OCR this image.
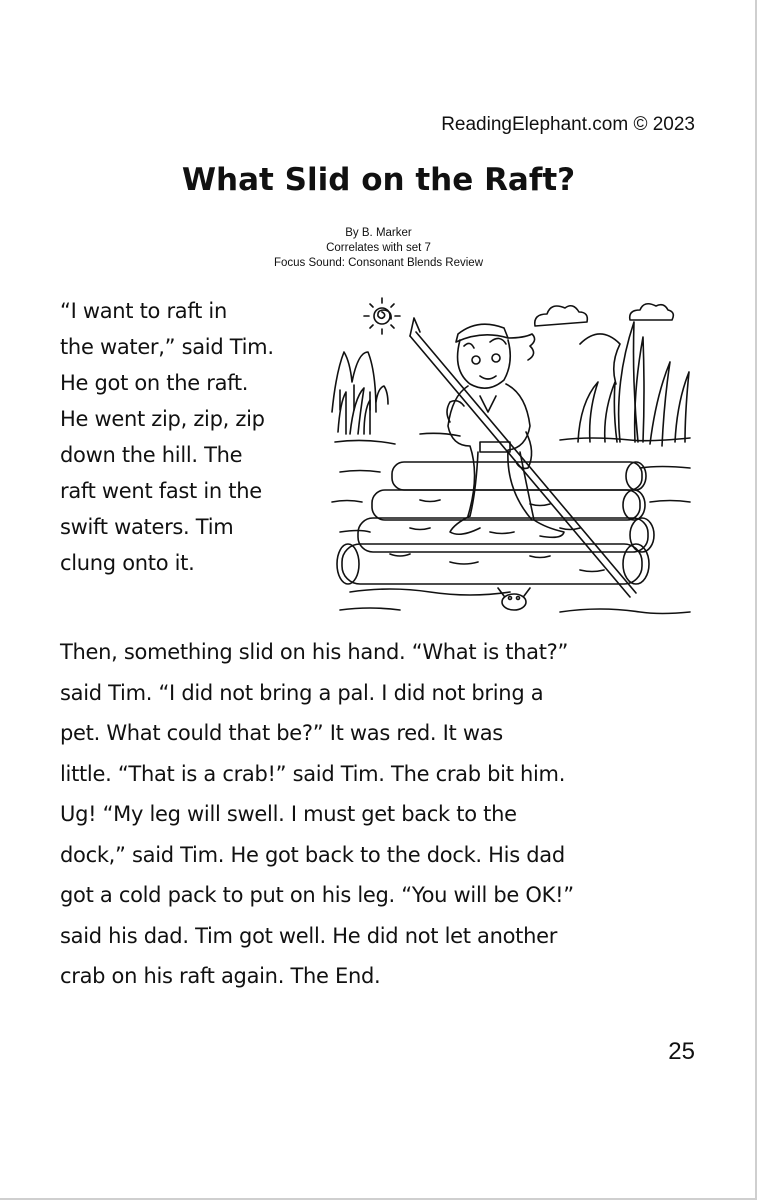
ReadingElephant.com © 2023
What Slid on the Raft?
By B. Marker
Correlates with set 7
Focus Sound: Consonant Blends Review
“I want to raft in
the water,” said Tim.
He got on the raft.
He went zip, zip, zip
down the hill. The
raft went fast in the
swift waters. Tim
clung onto it.
Then, something slid on his hand. “What is that?”
said Tim. “I did not bring a pal. I did not bring a
pet. What could that be?” It was red. It was
little. “That is a crab!” said Tim. The crab bit him.
Ug! “My leg will swell. I must get back to the
dock,” said Tim. He got back to the dock. His dad
got a cold pack to put on his leg. “You will be OK!”
said his dad. Tim got well. He did not let another
crab on his raft again. The End.
25
